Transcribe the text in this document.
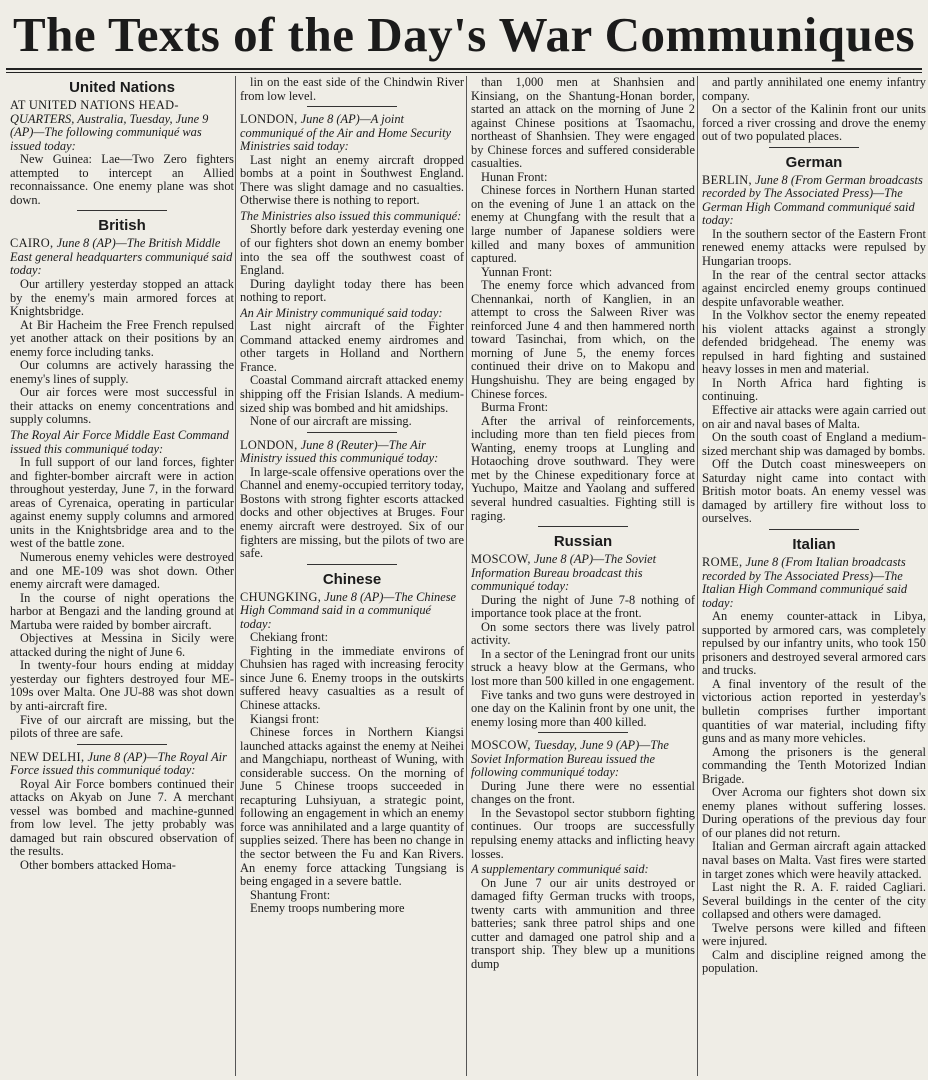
The Texts of the Day's War Communiques
United Nations

AT UNITED NATIONS HEAD- QUARTERS, Australia, Tuesday, June 9 (AP)—The following communiqué was issued today:

New Guinea: Lae—Two Zero fighters attempted to intercept an Allied reconnaissance. One enemy plane was shot down.

British

CAIRO, June 8 (AP)—The British Middle East general headquarters communiqué said today:

Our artillery yesterday stopped an attack by the enemy's main armored forces at Knightsbridge.

At Bir Hacheim the Free French repulsed yet another attack on their positions by an enemy force including tanks.

Our columns are actively harassing the enemy's lines of supply.

Our air forces were most successful in their attacks on enemy concentrations and supply columns.

The Royal Air Force Middle East Command issued this communiqué today:

In full support of our land forces, fighter and fighter-bomber aircraft were in action throughout yesterday, June 7, in the forward areas of Cyrenaica, operating in particular against enemy supply columns and armored units in the Knightsbridge area and to the west of the battle zone.

Numerous enemy vehicles were destroyed and one ME-109 was shot down. Other enemy aircraft were damaged.

In the course of night operations the harbor at Bengazi and the landing ground at Martuba were raided by bomber aircraft.

Objectives at Messina in Sicily were attacked during the night of June 6.

In twenty-four hours ending at midday yesterday our fighters destroyed four ME-109s over Malta. One JU-88 was shot down by anti-aircraft fire.

Five of our aircraft are missing, but the pilots of three are safe.

NEW DELHI, June 8 (AP)—The Royal Air Force issued this communiqué today:

Royal Air Force bombers continued their attacks on Akyab on June 7. A merchant vessel was bombed and machine-gunned from low level. The jetty probably was damaged but rain obscured observation of the results.

Other bombers attacked Homa-

lin on the east side of the Chindwin River from low level.

LONDON, June 8 (AP)—A joint communiqué of the Air and Home Security Ministries said today:

Last night an enemy aircraft dropped bombs at a point in Southwest England. There was slight damage and no casualties. Otherwise there is nothing to report.

The Ministries also issued this communiqué:

Shortly before dark yesterday evening one of our fighters shot down an enemy bomber into the sea off the southwest coast of England.

During daylight today there has been nothing to report.

An Air Ministry communiqué said today:

Last night aircraft of the Fighter Command attacked enemy airdromes and other targets in Holland and Northern France.

Coastal Command aircraft attacked enemy shipping off the Frisian Islands. A medium-sized ship was bombed and hit amidships.

None of our aircraft are missing.

LONDON, June 8 (Reuter)—The Air Ministry issued this communiqué today:

In large-scale offensive operations over the Channel and enemy-occupied territory today, Bostons with strong fighter escorts attacked docks and other objectives at Bruges. Four enemy aircraft were destroyed. Six of our fighters are missing, but the pilots of two are safe.

Chinese

CHUNGKING, June 8 (AP)—The Chinese High Command said in a communiqué today:

Chekiang front:

Fighting in the immediate environs of Chuhsien has raged with increasing ferocity since June 6. Enemy troops in the outskirts suffered heavy casualties as a result of Chinese attacks.

Kiangsi front:

Chinese forces in Northern Kiangsi launched attacks against the enemy at Neihei and Mangchiapu, northeast of Wuning, with considerable success. On the morning of June 5 Chinese troops succeeded in recapturing Luhsiyuan, a strategic point, following an engagement in which an enemy force was annihilated and a large quantity of supplies seized. There has been no change in the sector between the Fu and Kan Rivers. An enemy force attacking Tungsiang is being engaged in a severe battle.

Shantung Front:

Enemy troops numbering more

than 1,000 men at Shanhsien and Kinsiang, on the Shantung-Honan border, started an attack on the morning of June 2 against Chinese positions at Tsaomachu, northeast of Shanhsien. They were engaged by Chinese forces and suffered considerable casualties.

Hunan Front:

Chinese forces in Northern Hunan started on the evening of June 1 an attack on the enemy at Chungfang with the result that a large number of Japanese soldiers were killed and many boxes of ammunition captured.

Yunnan Front:

The enemy force which advanced from Chennankai, north of Kanglien, in an attempt to cross the Salween River was reinforced June 4 and then hammered north toward Tasinchai, from which, on the morning of June 5, the enemy forces continued their drive on to Makopu and Hungshuishu. They are being engaged by Chinese forces.

Burma Front:

After the arrival of reinforcements, including more than ten field pieces from Wanting, enemy troops at Lungling and Hotaoching drove southward. They were met by the Chinese expeditionary force at Yuchupo, Maitze and Yaolang and suffered several hundred casualties. Fighting still is raging.

Russian

MOSCOW, June 8 (AP)—The Soviet Information Bureau broadcast this communiqué today:

During the night of June 7-8 nothing of importance took place at the front.

On some sectors there was lively patrol activity.

In a sector of the Leningrad front our units struck a heavy blow at the Germans, who lost more than 500 killed in one engagement.

Five tanks and two guns were destroyed in one day on the Kalinin front by one unit, the enemy losing more than 400 killed.

MOSCOW, Tuesday, June 9 (AP)—The Soviet Information Bureau issued the following communiqué today:

During June there were no essential changes on the front.

In the Sevastopol sector stubborn fighting continues. Our troops are successfully repulsing enemy attacks and inflicting heavy losses.

A supplementary communiqué said:

On June 7 our air units destroyed or damaged fifty German trucks with troops, twenty carts with ammunition and three batteries; sank three patrol ships and one cutter and damaged one patrol ship and a transport ship. They blew up a munitions dump

and partly annihilated one enemy infantry company.

On a sector of the Kalinin front our units forced a river crossing and drove the enemy out of two populated places.

German

BERLIN, June 8 (From German broadcasts recorded by The Associated Press)—The German High Command communiqué said today:

In the southern sector of the Eastern Front renewed enemy attacks were repulsed by Hungarian troops.

In the rear of the central sector attacks against encircled enemy groups continued despite unfavorable weather.

In the Volkhov sector the enemy repeated his violent attacks against a strongly defended bridgehead. The enemy was repulsed in hard fighting and sustained heavy losses in men and material.

In North Africa hard fighting is continuing.

Effective air attacks were again carried out on air and naval bases of Malta.

On the south coast of England a medium-sized merchant ship was damaged by bombs.

Off the Dutch coast minesweepers on Saturday night came into contact with British motor boats. An enemy vessel was damaged by artillery fire without loss to ourselves.

Italian

ROME, June 8 (From Italian broadcasts recorded by The Associated Press)—The Italian High Command communiqué said today:

An enemy counter-attack in Libya, supported by armored cars, was completely repulsed by our infantry units, who took 150 prisoners and destroyed several armored cars and trucks.

A final inventory of the result of the victorious action reported in yesterday's bulletin comprises further important quantities of war material, including fifty guns and as many more vehicles.

Among the prisoners is the general commanding the Tenth Motorized Indian Brigade.

Over Acroma our fighters shot down six enemy planes without suffering losses. During operations of the previous day four of our planes did not return.

Italian and German aircraft again attacked naval bases on Malta. Vast fires were started in target zones which were heavily attacked.

Last night the R. A. F. raided Cagliari. Several buildings in the center of the city collapsed and others were damaged.

Twelve persons were killed and fifteen were injured.

Calm and discipline reigned among the population.
